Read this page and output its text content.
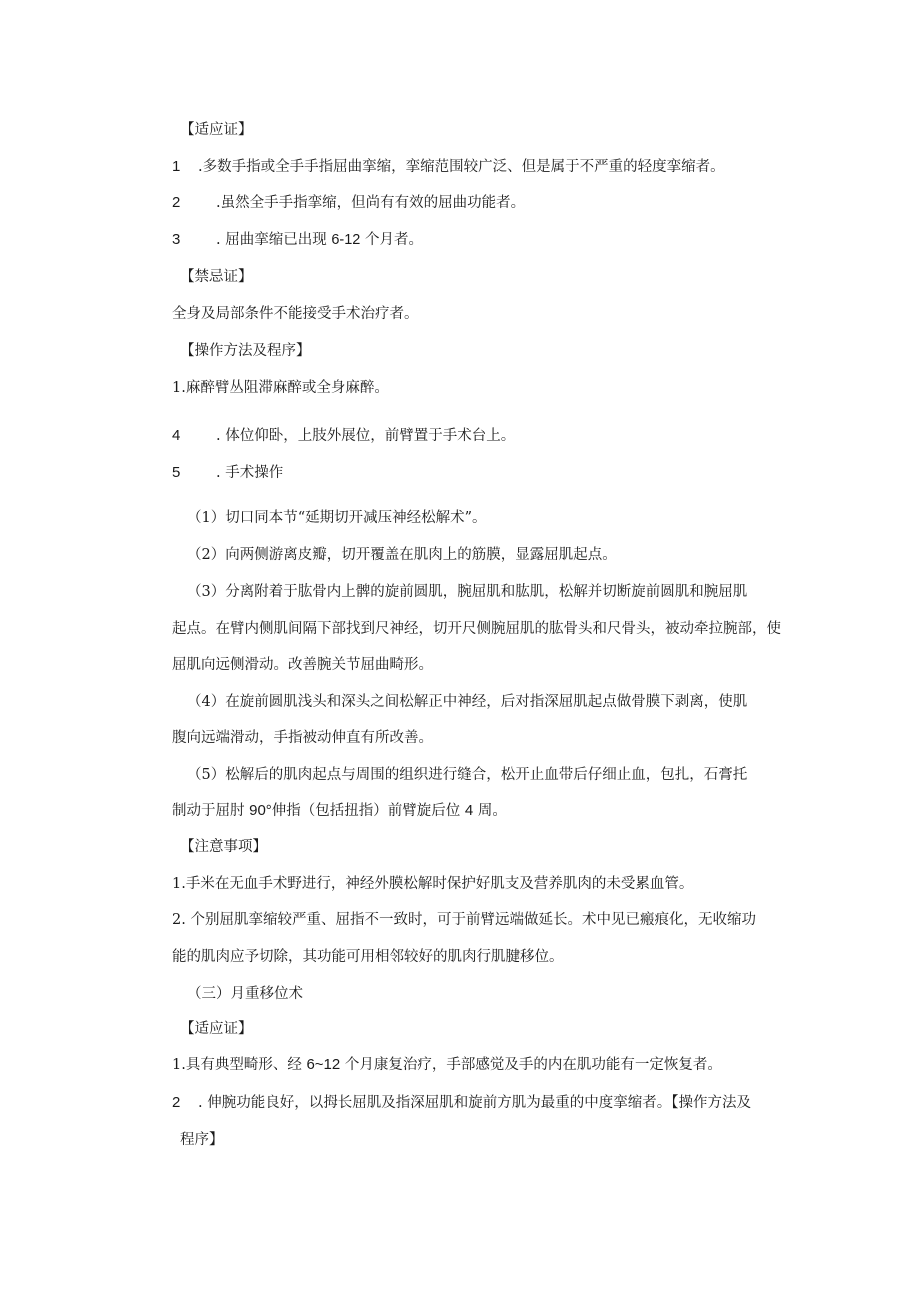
【适应证】
1 .多数手指或全手手指屈曲挛缩，挛缩范围较广泛、但是属于不严重的轻度挛缩者。
2 .虽然全手手指挛缩，但尚有有效的屈曲功能者。
3 . 屈曲挛缩已出现 6-12 个月者。
【禁忌证】
全身及局部条件不能接受手术治疗者。
【操作方法及程序】
1.麻醉臂丛阻滞麻醉或全身麻醉。
4 . 体位仰卧，上肢外展位，前臂置于手术台上。
5 . 手术操作
（1）切口同本节“延期切开减压神经松解术”。
（2）向两侧游离皮瓣，切开覆盖在肌肉上的筋膜，显露屈肌起点。
（3）分离附着于肱骨内上髀的旋前圆肌，腕屈肌和肱肌，松解并切断旋前圆肌和腕屈肌
起点。在臂内侧肌间隔下部找到尺神经，切开尺侧腕屈肌的肱骨头和尺骨头，被动牵拉腕部，使
屈肌向远侧滑动。改善腕关节屈曲畸形。
（4）在旋前圆肌浅头和深头之间松解正中神经，后对指深屈肌起点做骨膜下剥离，使肌
腹向远端滑动，手指被动伸直有所改善。
（5）松解后的肌肉起点与周围的组织进行缝合，松开止血带后仔细止血，包扎，石膏托
制动于屈肘 90°伸指（包括扭指）前臂旋后位 4 周。
【注意事项】
1.手米在无血手术野进行，神经外膜松解时保护好肌支及营养肌肉的未受累血管。
2. 个别屈肌挛缩较严重、屈指不一致时，可于前臂远端做延长。术中见已瘢痕化，无收缩功
能的肌肉应予切除，其功能可用相邻较好的肌肉行肌腱移位。
（三）月重移位术
【适应证】
1.具有典型畸形、经 6~12 个月康复治疗，手部感觉及手的内在肌功能有一定恢复者。
2 . 伸腕功能良好，以拇长屈肌及指深屈肌和旋前方肌为最重的中度挛缩者。【操作方法及
程序】
